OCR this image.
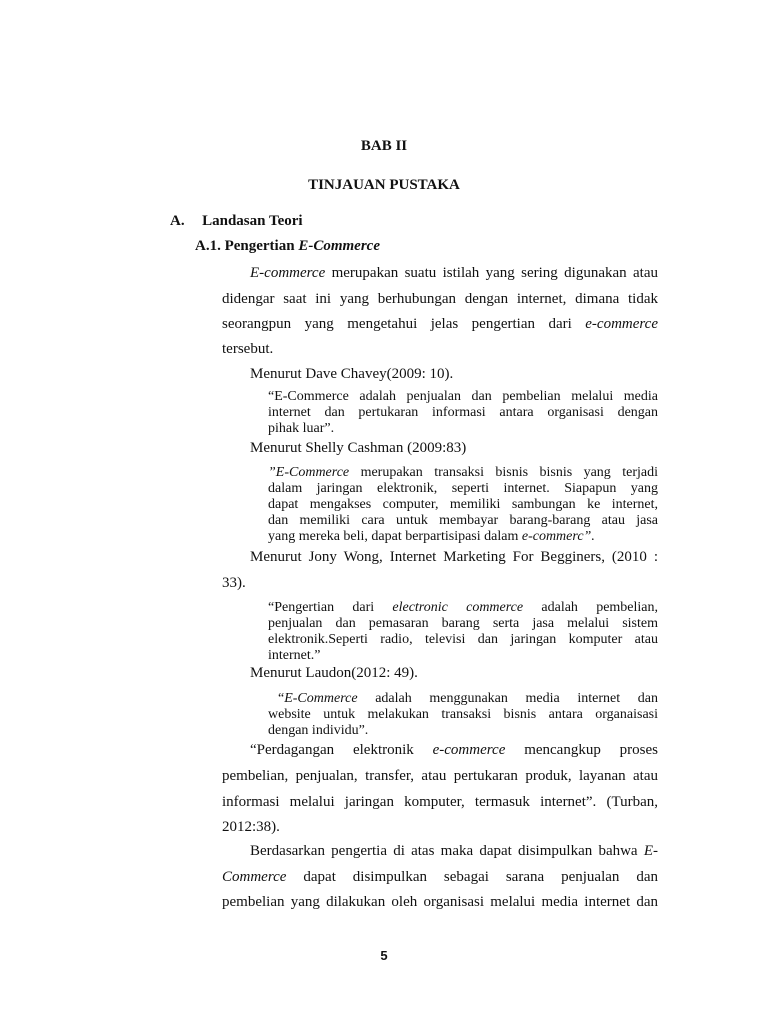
BAB II
TINJAUAN PUSTAKA
A. Landasan Teori
A.1. Pengertian E-Commerce
E-commerce merupakan suatu istilah yang sering digunakan atau
didengar saat ini yang berhubungan dengan internet, dimana tidak
seorangpun yang mengetahui jelas pengertian dari e-commerce
tersebut.
Menurut Dave Chavey(2009: 10).
“E-Commerce adalah penjualan dan pembelian melalui media
internet dan pertukaran informasi antara organisasi dengan
pihak luar”.
Menurut Shelly Cashman (2009:83)
”E-Commerce merupakan transaksi bisnis bisnis yang terjadi
dalam jaringan elektronik, seperti internet. Siapapun yang
dapat mengakses computer, memiliki sambungan ke internet,
dan memiliki cara untuk membayar barang-barang atau jasa
yang mereka beli, dapat berpartisipasi dalam e-commerc”.
Menurut Jony Wong, Internet Marketing For Begginers, (2010 :
33).
“Pengertian dari electronic commerce adalah pembelian,
penjualan dan pemasaran barang serta jasa melalui sistem
elektronik.Seperti radio, televisi dan jaringan komputer atau
internet.”
Menurut Laudon(2012: 49).
“E-Commerce adalah menggunakan media internet dan
website untuk melakukan transaksi bisnis antara organaisasi
dengan individu”.
“Perdagangan elektronik e-commerce mencangkup proses
pembelian, penjualan, transfer, atau pertukaran produk, layanan atau
informasi melalui jaringan komputer, termasuk internet”. (Turban,
2012:38).
Berdasarkan pengertia di atas maka dapat disimpulkan bahwa E-
Commerce dapat disimpulkan sebagai sarana penjualan dan
pembelian yang dilakukan oleh organisasi melalui media internet dan
5
